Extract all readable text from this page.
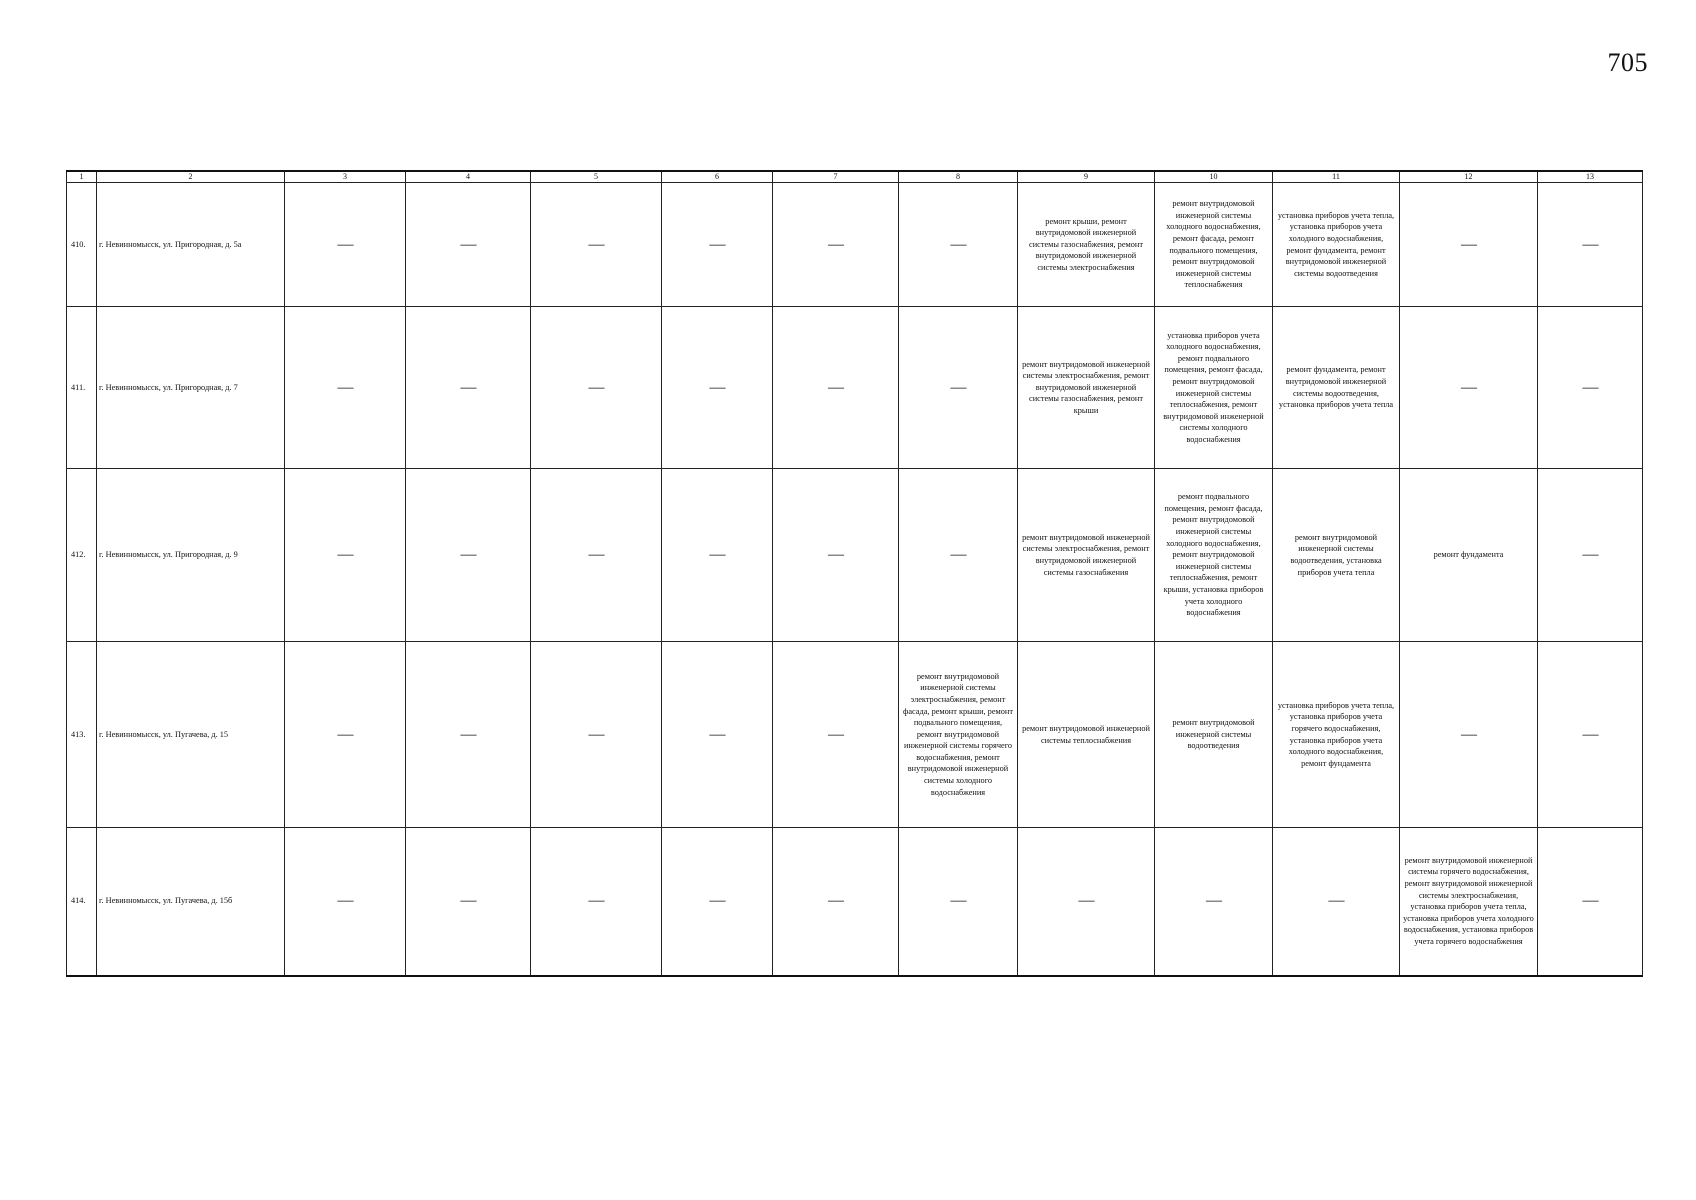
705
1	2	3	4	5	6	7	8	9	10	11	12	13
410.	г. Невинномысск, ул. Пригородная, д. 5а	—	—	—	—	—	—	ремонт крыши, ремонт внутридомовой инженерной системы газоснабжения, ремонт внутридомовой инженерной системы электроснабжения	ремонт внутридомовой инженерной системы холодного водоснабжения, ремонт фасада, ремонт подвального помещения, ремонт внутридомовой инженерной системы теплоснабжения	установка приборов учета тепла, установка приборов учета холодного водоснабжения, ремонт фундамента, ремонт внутридомовой инженерной системы водоотведения	—	—
411.	г. Невинномысск, ул. Пригородная, д. 7	—	—	—	—	—	—	ремонт внутридомовой инженерной системы электроснабжения, ремонт внутридомовой инженерной системы газоснабжения, ремонт крыши	установка приборов учета холодного водоснабжения, ремонт подвального помещения, ремонт фасада, ремонт внутридомовой инженерной системы теплоснабжения, ремонт внутридомовой инженерной системы холодного водоснабжения	ремонт фундамента, ремонт внутридомовой инженерной системы водоотведения, установка приборов учета тепла	—	—
412.	г. Невинномысск, ул. Пригородная, д. 9	—	—	—	—	—	—	ремонт внутридомовой инженерной системы электроснабжения, ремонт внутридомовой инженерной системы газоснабжения	ремонт подвального помещения, ремонт фасада, ремонт внутридомовой инженерной системы холодного водоснабжения, ремонт внутридомовой инженерной системы теплоснабжения, ремонт крыши, установка приборов учета холодного водоснабжения	ремонт внутридомовой инженерной системы водоотведения, установка приборов учета тепла	ремонт фундамента	—
413.	г. Невинномысск, ул. Пугачева, д. 15	—	—	—	—	—	ремонт внутридомовой инженерной системы электроснабжения, ремонт фасада, ремонт крыши, ремонт подвального помещения, ремонт внутридомовой инженерной системы горячего водоснабжения, ремонт внутридомовой инженерной системы холодного водоснабжения	ремонт внутридомовой инженерной системы теплоснабжения	ремонт внутридомовой инженерной системы водоотведения	установка приборов учета тепла, установка приборов учета горячего водоснабжения, установка приборов учета холодного водоснабжения, ремонт фундамента	—	—
414.	г. Невинномысск, ул. Пугачева, д. 15б	—	—	—	—	—	—	—	—	—	ремонт внутридомовой инженерной системы горячего водоснабжения, ремонт внутридомовой инженерной системы электроснабжения, установка приборов учета тепла, установка приборов учета холодного водоснабжения, установка приборов учета горячего водоснабжения	—
